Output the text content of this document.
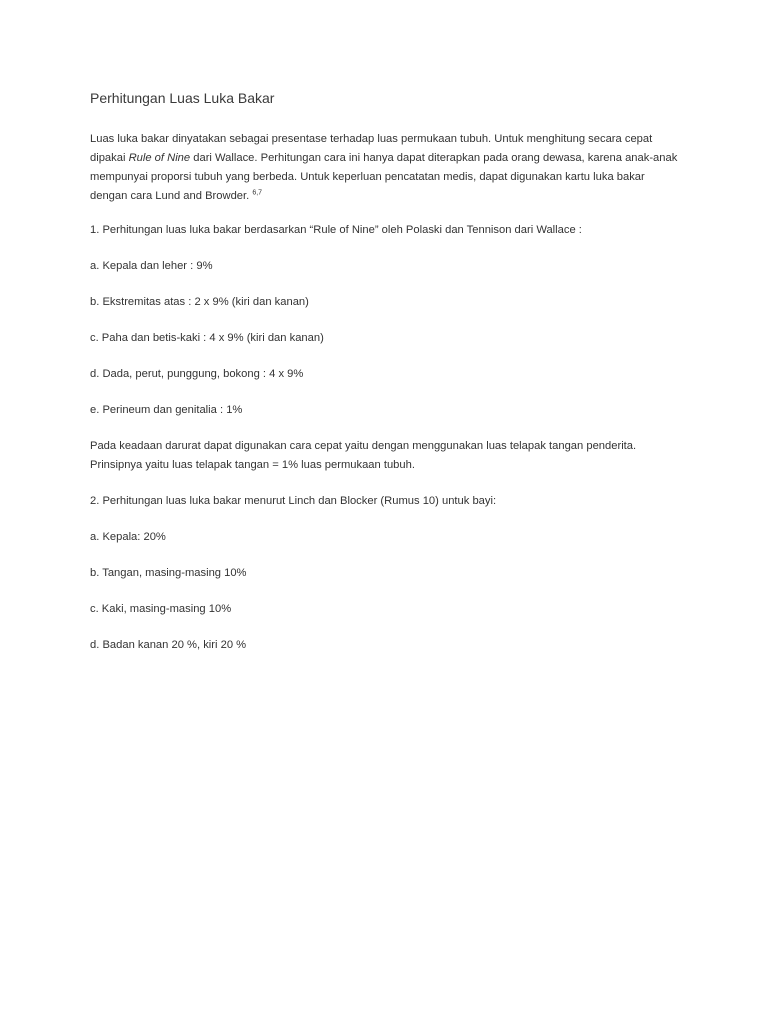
Perhitungan Luas Luka Bakar

Luas luka bakar dinyatakan sebagai presentase terhadap luas permukaan tubuh. Untuk menghitung secara cepat dipakai Rule of Nine dari Wallace. Perhitungan cara ini hanya dapat diterapkan pada orang dewasa, karena anak-anak mempunyai proporsi tubuh yang berbeda. Untuk keperluan pencatatan medis, dapat digunakan kartu luka bakar dengan cara Lund and Browder. $^{6,7}$

1. Perhitungan luas luka bakar berdasarkan “Rule of Nine” oleh Polaski dan Tennison dari Wallace :

a. Kepala dan leher : 9%

b. Ekstremitas atas : 2 x 9% (kiri dan kanan)

c. Paha dan betis-kaki : 4 x 9% (kiri dan kanan)

d. Dada, perut, punggung, bokong : 4 x 9%

e. Perineum dan genitalia : 1%

Pada keadaan darurat dapat digunakan cara cepat yaitu dengan menggunakan luas telapak tangan penderita. Prinsipnya yaitu luas telapak tangan = 1% luas permukaan tubuh.

2. Perhitungan luas luka bakar menurut Linch dan Blocker (Rumus 10) untuk bayi:

a. Kepala: 20%

b. Tangan, masing-masing 10%

c. Kaki, masing-masing 10%

d. Badan kanan 20 %, kiri 20 %
